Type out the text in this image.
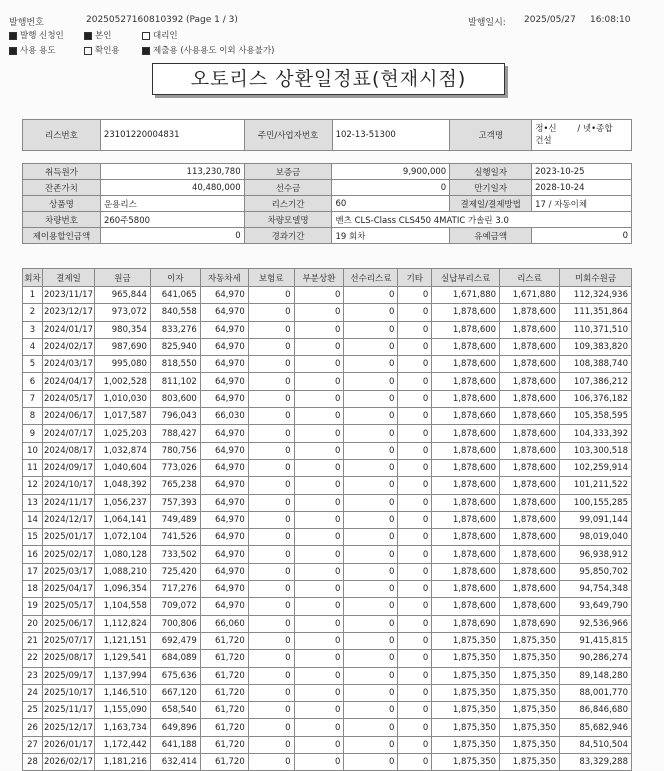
발행번호	20250527160810392 (Page 1 / 3)	발행일시: 2025/05/27 16:08:10
발행 신청인	본인	대리인
사용 용도	확인용	제출용 (사용용도 이외 사용불가)
오토리스 상환일정표(현재시점)
리스번호	23101220004831	주민/사업자번호	102-13-51300	고객명	정•신 / 넷•종합
건설
취득원가	113,230,780	보증금	9,900,000	실행일자	2023-10-25
잔존가치	40,480,000	선수금	0	만기일자	2028-10-24
상품명	운용리스	리스기간	60	결제일/결제방법	17 / 자동이체
차량번호	260주5800	차량모델명	벤츠 CLS-Class CLS450 4MATIC 가솔린 3.0		
제이용할인금액	0	경과기간	19 회차	유예금액	0
회차	결제일	원금	이자	자동차세	보험료	부분상환	선수리스료	기타	실납부리스료	리스료	미회수원금
1	2023/11/17	965,844	641,065	64,970	0	0	0	0	1,671,880	1,671,880	112,324,936
2	2023/12/17	973,072	840,558	64,970	0	0	0	0	1,878,600	1,878,600	111,351,864
3	2024/01/17	980,354	833,276	64,970	0	0	0	0	1,878,600	1,878,600	110,371,510
4	2024/02/17	987,690	825,940	64,970	0	0	0	0	1,878,600	1,878,600	109,383,820
5	2024/03/17	995,080	818,550	64,970	0	0	0	0	1,878,600	1,878,600	108,388,740
6	2024/04/17	1,002,528	811,102	64,970	0	0	0	0	1,878,600	1,878,600	107,386,212
7	2024/05/17	1,010,030	803,600	64,970	0	0	0	0	1,878,600	1,878,600	106,376,182
8	2024/06/17	1,017,587	796,043	66,030	0	0	0	0	1,878,660	1,878,660	105,358,595
9	2024/07/17	1,025,203	788,427	64,970	0	0	0	0	1,878,600	1,878,600	104,333,392
10	2024/08/17	1,032,874	780,756	64,970	0	0	0	0	1,878,600	1,878,600	103,300,518
11	2024/09/17	1,040,604	773,026	64,970	0	0	0	0	1,878,600	1,878,600	102,259,914
12	2024/10/17	1,048,392	765,238	64,970	0	0	0	0	1,878,600	1,878,600	101,211,522
13	2024/11/17	1,056,237	757,393	64,970	0	0	0	0	1,878,600	1,878,600	100,155,285
14	2024/12/17	1,064,141	749,489	64,970	0	0	0	0	1,878,600	1,878,600	99,091,144
15	2025/01/17	1,072,104	741,526	64,970	0	0	0	0	1,878,600	1,878,600	98,019,040
16	2025/02/17	1,080,128	733,502	64,970	0	0	0	0	1,878,600	1,878,600	96,938,912
17	2025/03/17	1,088,210	725,420	64,970	0	0	0	0	1,878,600	1,878,600	95,850,702
18	2025/04/17	1,096,354	717,276	64,970	0	0	0	0	1,878,600	1,878,600	94,754,348
19	2025/05/17	1,104,558	709,072	64,970	0	0	0	0	1,878,600	1,878,600	93,649,790
20	2025/06/17	1,112,824	700,806	66,060	0	0	0	0	1,878,690	1,878,690	92,536,966
21	2025/07/17	1,121,151	692,479	61,720	0	0	0	0	1,875,350	1,875,350	91,415,815
22	2025/08/17	1,129,541	684,089	61,720	0	0	0	0	1,875,350	1,875,350	90,286,274
23	2025/09/17	1,137,994	675,636	61,720	0	0	0	0	1,875,350	1,875,350	89,148,280
24	2025/10/17	1,146,510	667,120	61,720	0	0	0	0	1,875,350	1,875,350	88,001,770
25	2025/11/17	1,155,090	658,540	61,720	0	0	0	0	1,875,350	1,875,350	86,846,680
26	2025/12/17	1,163,734	649,896	61,720	0	0	0	0	1,875,350	1,875,350	85,682,946
27	2026/01/17	1,172,442	641,188	61,720	0	0	0	0	1,875,350	1,875,350	84,510,504
28	2026/02/17	1,181,216	632,414	61,720	0	0	0	0	1,875,350	1,875,350	83,329,288
